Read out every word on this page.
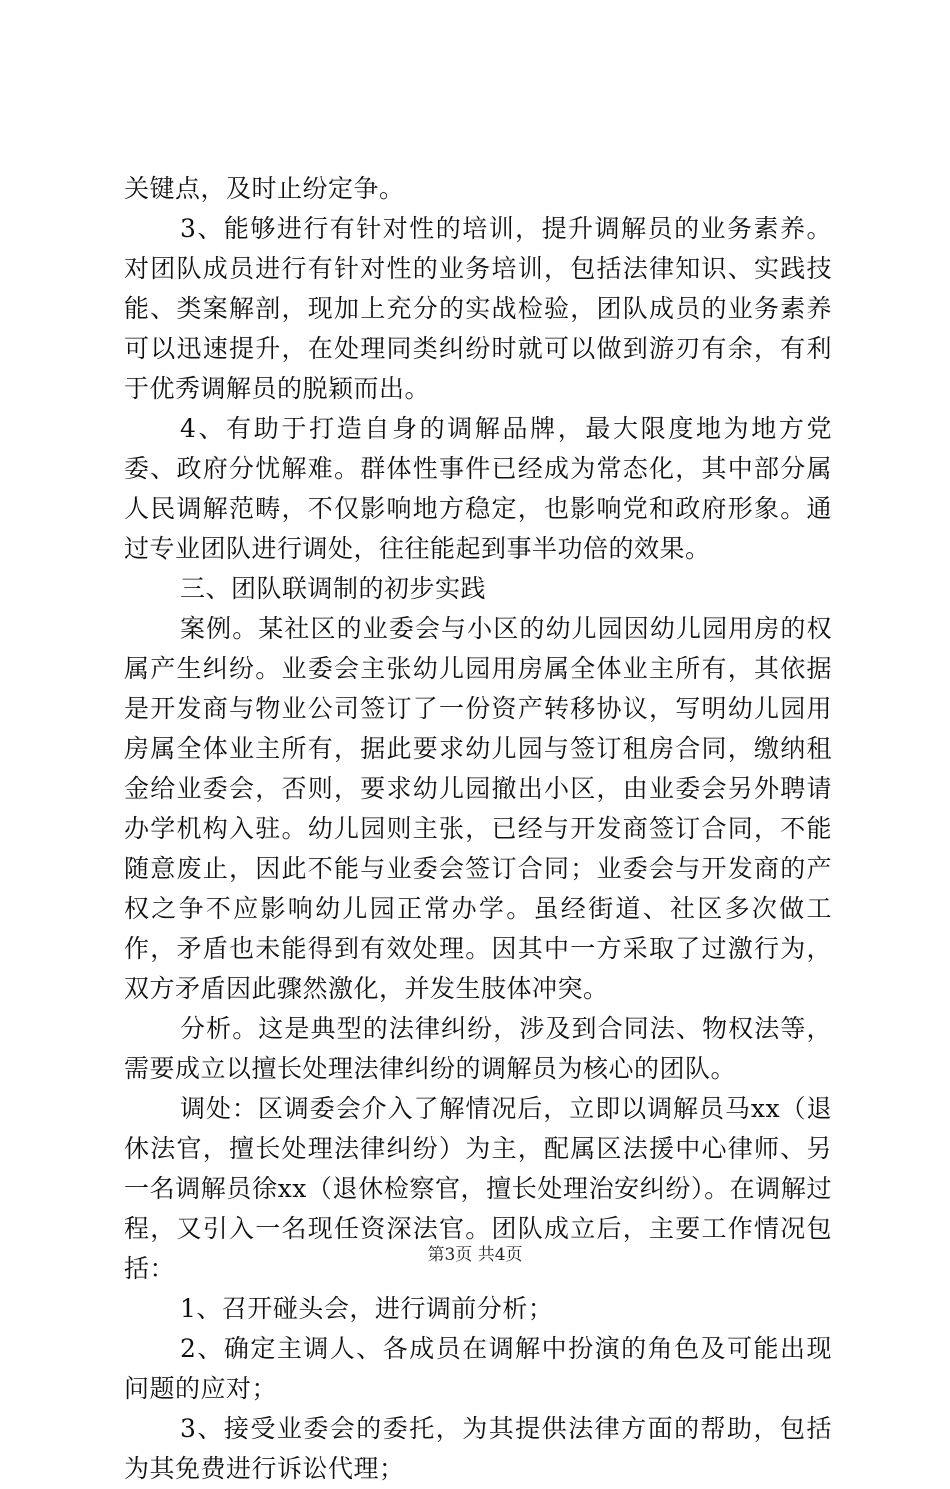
关键点，及时止纷定争。

3、能够进行有针对性的培训，提升调解员的业务素养。对团队成员进行有针对性的业务培训，包括法律知识、实践技能、类案解剖，现加上充分的实战检验，团队成员的业务素养可以迅速提升，在处理同类纠纷时就可以做到游刃有余，有利于优秀调解员的脱颖而出。

4、有助于打造自身的调解品牌，最大限度地为地方党委、政府分忧解难。群体性事件已经成为常态化，其中部分属人民调解范畴，不仅影响地方稳定，也影响党和政府形象。通过专业团队进行调处，往往能起到事半功倍的效果。

三、团队联调制的初步实践

案例。某社区的业委会与小区的幼儿园因幼儿园用房的权属产生纠纷。业委会主张幼儿园用房属全体业主所有，其依据是开发商与物业公司签订了一份资产转移协议，写明幼儿园用房属全体业主所有，据此要求幼儿园与签订租房合同，缴纳租金给业委会，否则，要求幼儿园撤出小区，由业委会另外聘请办学机构入驻。幼儿园则主张，已经与开发商签订合同，不能随意废止，因此不能与业委会签订合同；业委会与开发商的产权之争不应影响幼儿园正常办学。虽经街道、社区多次做工作，矛盾也未能得到有效处理。因其中一方采取了过激行为，双方矛盾因此骤然激化，并发生肢体冲突。

分析。这是典型的法律纠纷，涉及到合同法、物权法等，需要成立以擅长处理法律纠纷的调解员为核心的团队。

调处：区调委会介入了解情况后，立即以调解员马xx（退休法官，擅长处理法律纠纷）为主，配属区法援中心律师、另一名调解员徐xx（退休检察官，擅长处理治安纠纷）。在调解过程，又引入一名现任资深法官。团队成立后，主要工作情况包括：

1、召开碰头会，进行调前分析；

2、确定主调人、各成员在调解中扮演的角色及可能出现问题的应对；

3、接受业委会的委托，为其提供法律方面的帮助，包括为其免费进行诉讼代理；

第3页 共4页
